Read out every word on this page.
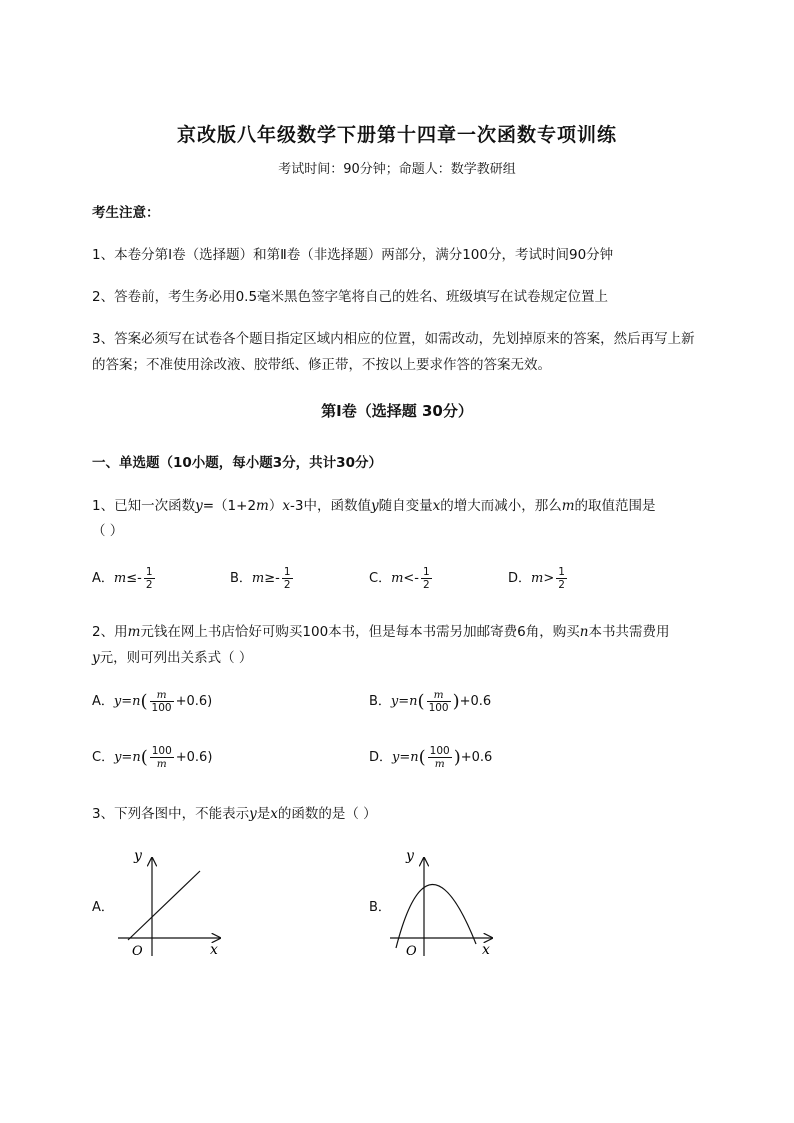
京改版八年级数学下册第十四章一次函数专项训练
考试时间：90分钟；命题人：数学教研组
考生注意：
1、本卷分第I卷（选择题）和第Ⅱ卷（非选择题）两部分，满分100分，考试时间90分钟
2、答卷前，考生务必用0.5毫米黑色签字笔将自己的姓名、班级填写在试卷规定位置上
3、答案必须写在试卷各个题目指定区域内相应的位置，如需改动，先划掉原来的答案，然后再写上新
的答案；不准使用涂改液、胶带纸、修正带，不按以上要求作答的答案无效。
第I卷（选择题 30分）
一、单选题（10小题，每小题3分，共计30分）
1、已知一次函数y=（1+2m）x-3中，函数值y随自变量x的增大而减小，那么m的取值范围是
（ ）
A．$m\le- \frac{1}{2}$	B．$m\ge- \frac{1}{2}$	C．$m<- \frac{1}{2}$	D．$m> \frac{1}{2}$
2、用m元钱在网上书店恰好可购买100本书，但是每本书需另加邮寄费6角，购买n本书共需费用
y元，则可列出关系式（ ）
A．$y=n( \frac{m}{100} +0.6)$	B．$y=n( \frac{m}{100} )+0.6$
C．$y=n( \frac{100}{m} +0.6)$	D．$y=n( \frac{100}{m} )+0.6$
3、下列各图中，不能表示y是x的函数的是（ ）
A．
y
x
O
B．
y
x
O
